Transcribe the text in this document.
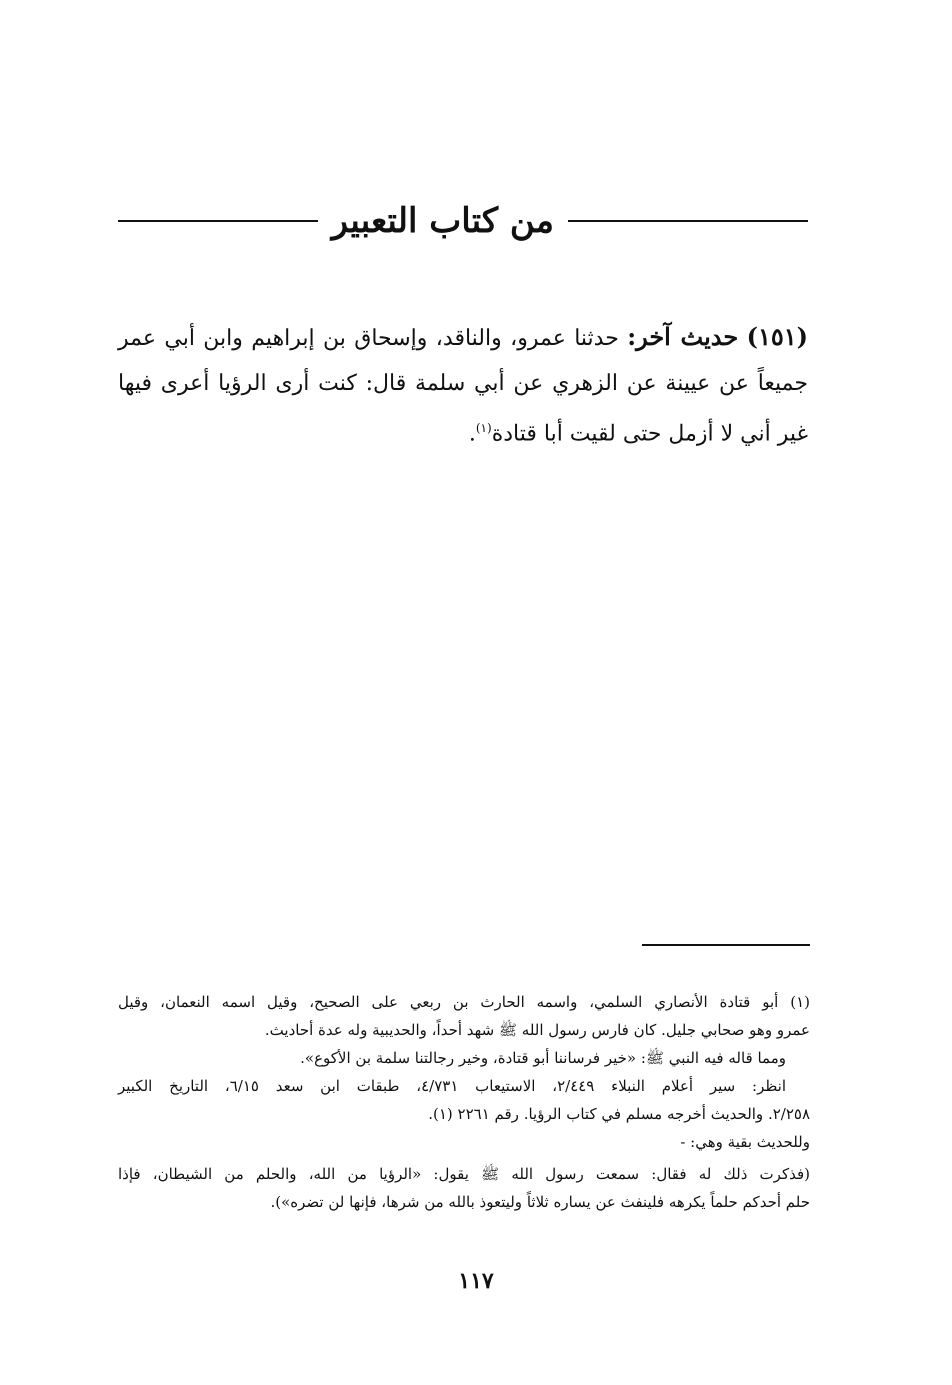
من كتاب التعبير
(١٥١) حديث آخر: حدثنا عمرو، والناقد، وإسحاق بن إبراهيم وابن أبي عمر جميعاً عن عيينة عن الزهري عن أبي سلمة قال: كنت أرى الرؤيا أعرى فيها غير أني لا أزمل حتى لقيت أبا قتادة$^{(١)}$.
(١) أبو قتادة الأنصاري السلمي، واسمه الحارث بن ربعي على الصحيح، وقيل اسمه النعمان، وقيل
عمرو وهو صحابي جليل. كان فارس رسول الله ﷺ شهد أحداً، والحديبية وله عدة أحاديث.
ومما قاله فيه النبي ﷺ: «خير فرساننا أبو قتادة، وخير رجالتنا سلمة بن الأكوع».
انظر: سير أعلام النبلاء ٢/٤٤٩، الاستيعاب ٤/٧٣١، طبقات ابن سعد ٦/١٥، التاريخ الكبير
٢/٢٥٨. والحديث أخرجه مسلم في كتاب الرؤيا. رقم ٢٢٦١ (١).
وللحديث بقية وهي: -
(فذكرت ذلك له فقال: سمعت رسول الله ﷺ يقول: «الرؤيا من الله، والحلم من الشيطان، فإذا
حلم أحدكم حلماً يكرهه فلينفث عن يساره ثلاثاً وليتعوذ بالله من شرها، فإنها لن تضره»).
١١٧
